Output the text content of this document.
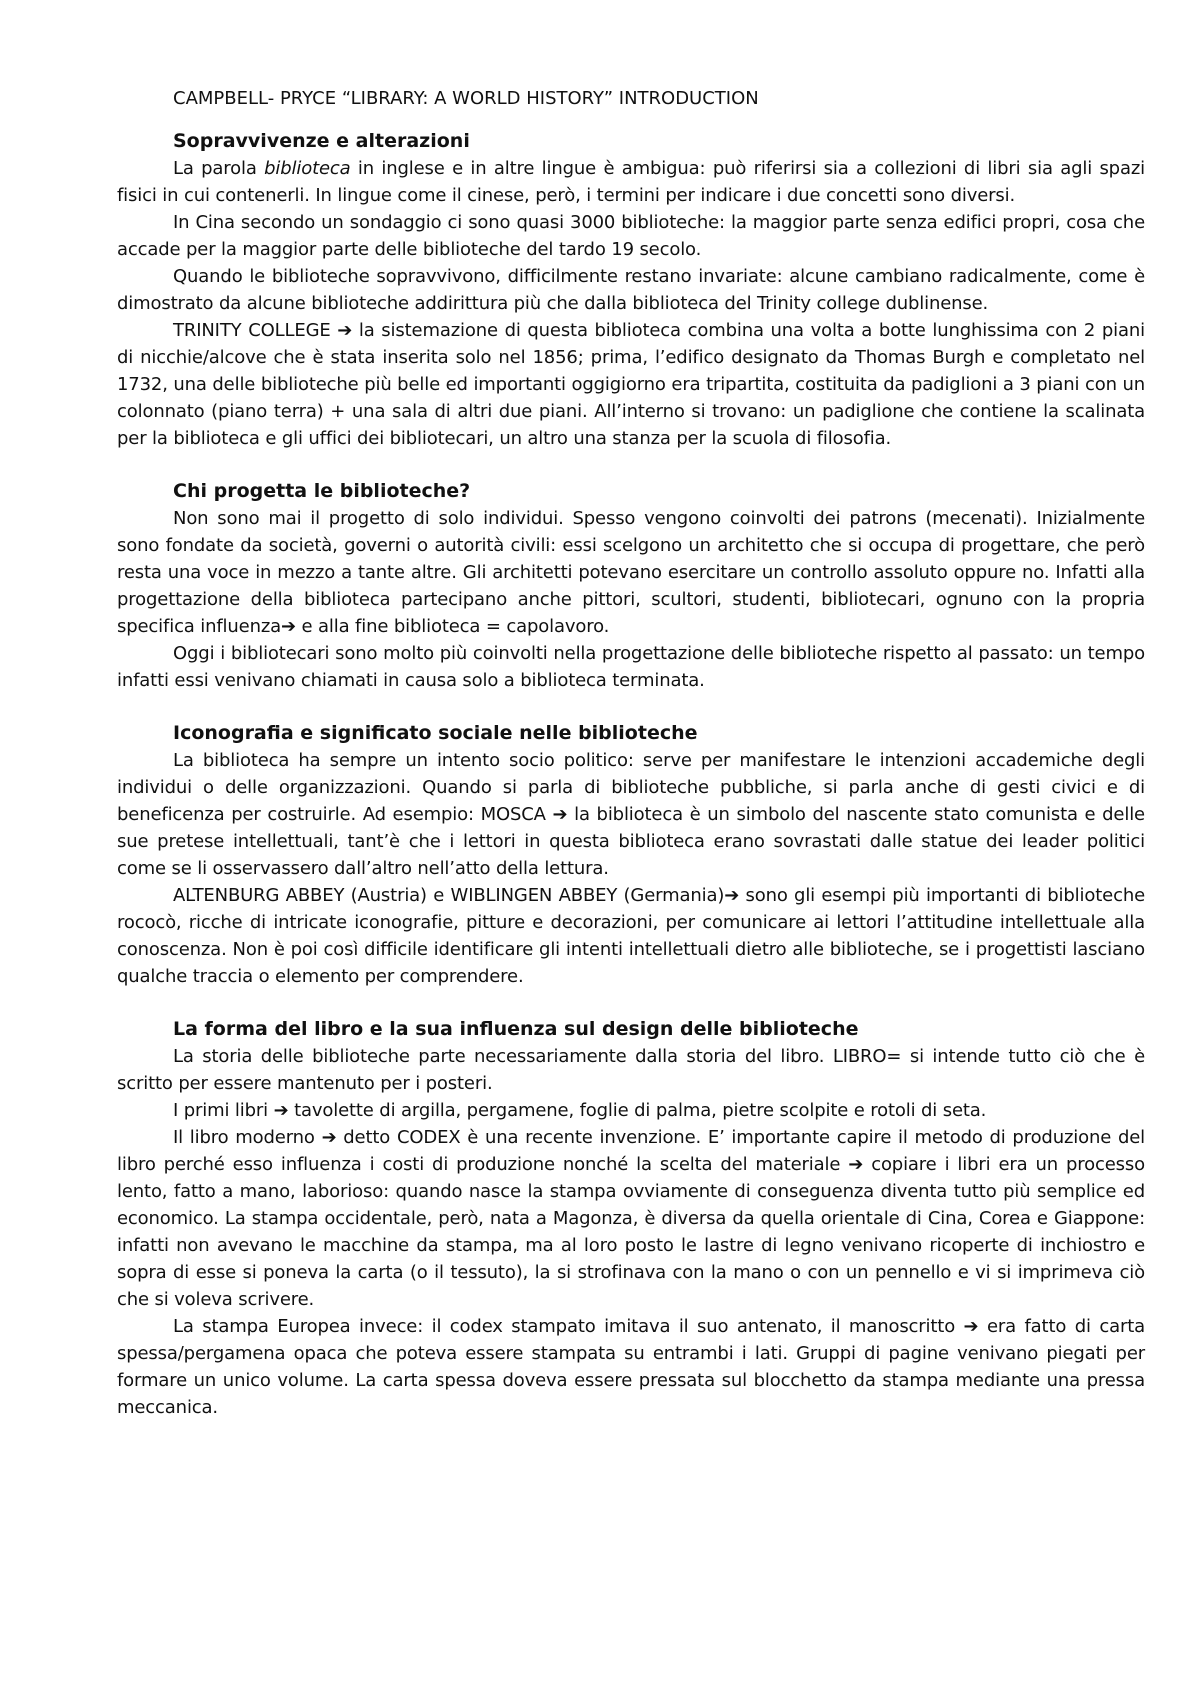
CAMPBELL- PRYCE “LIBRARY: A WORLD HISTORY” INTRODUCTION
Sopravvivenze e alterazioni

La parola biblioteca in inglese e in altre lingue è ambigua: può riferirsi sia a collezioni di libri sia agli spazi fisici in cui contenerli. In lingue come il cinese, però, i termini per indicare i due concetti sono diversi.

In Cina secondo un sondaggio ci sono quasi 3000 biblioteche: la maggior parte senza edifici propri, cosa che accade per la maggior parte delle biblioteche del tardo 19 secolo.

Quando le biblioteche sopravvivono, difficilmente restano invariate: alcune cambiano radicalmente, come è dimostrato da alcune biblioteche addirittura più che dalla biblioteca del Trinity college dublinense.

TRINITY COLLEGE ➔ la sistemazione di questa biblioteca combina una volta a botte lunghissima con 2 piani di nicchie/alcove che è stata inserita solo nel 1856; prima, l’edifico designato da Thomas Burgh e completato nel 1732, una delle biblioteche più belle ed importanti oggigiorno era tripartita, costituita da padiglioni a 3 piani con un colonnato (piano terra) + una sala di altri due piani. All’interno si trovano: un padiglione che contiene la scalinata per la biblioteca e gli uffici dei bibliotecari, un altro una stanza per la scuola di filosofia.

Chi progetta le biblioteche?

Non sono mai il progetto di solo individui. Spesso vengono coinvolti dei patrons (mecenati). Inizialmente sono fondate da società, governi o autorità civili: essi scelgono un architetto che si occupa di progettare, che però resta una voce in mezzo a tante altre. Gli architetti potevano esercitare un controllo assoluto oppure no. Infatti alla progettazione della biblioteca partecipano anche pittori, scultori, studenti, bibliotecari, ognuno con la propria specifica influenza➔ e alla fine biblioteca = capolavoro.

Oggi i bibliotecari sono molto più coinvolti nella progettazione delle biblioteche rispetto al passato: un tempo infatti essi venivano chiamati in causa solo a biblioteca terminata.

Iconografia e significato sociale nelle biblioteche

La biblioteca ha sempre un intento socio politico: serve per manifestare le intenzioni accademiche degli individui o delle organizzazioni. Quando si parla di biblioteche pubbliche, si parla anche di gesti civici e di beneficenza per costruirle. Ad esempio: MOSCA ➔ la biblioteca è un simbolo del nascente stato comunista e delle sue pretese intellettuali, tant’è che i lettori in questa biblioteca erano sovrastati dalle statue dei leader politici come se li osservassero dall’altro nell’atto della lettura.

ALTENBURG ABBEY (Austria) e WIBLINGEN ABBEY (Germania)➔ sono gli esempi più importanti di biblioteche rococò, ricche di intricate iconografie, pitture e decorazioni, per comunicare ai lettori l’attitudine intellettuale alla conoscenza. Non è poi così difficile identificare gli intenti intellettuali dietro alle biblioteche, se i progettisti lasciano qualche traccia o elemento per comprendere.

La forma del libro e la sua influenza sul design delle biblioteche

La storia delle biblioteche parte necessariamente dalla storia del libro. LIBRO= si intende tutto ciò che è scritto per essere mantenuto per i posteri.

I primi libri ➔ tavolette di argilla, pergamene, foglie di palma, pietre scolpite e rotoli di seta.

Il libro moderno ➔ detto CODEX è una recente invenzione. E’ importante capire il metodo di produzione del libro perché esso influenza i costi di produzione nonché la scelta del materiale ➔ copiare i libri era un processo lento, fatto a mano, laborioso: quando nasce la stampa ovviamente di conseguenza diventa tutto più semplice ed economico. La stampa occidentale, però, nata a Magonza, è diversa da quella orientale di Cina, Corea e Giappone: infatti non avevano le macchine da stampa, ma al loro posto le lastre di legno venivano ricoperte di inchiostro e sopra di esse si poneva la carta (o il tessuto), la si strofinava con la mano o con un pennello e vi si imprimeva ciò che si voleva scrivere.

La stampa Europea invece: il codex stampato imitava il suo antenato, il manoscritto ➔ era fatto di carta spessa/pergamena opaca che poteva essere stampata su entrambi i lati. Gruppi di pagine venivano piegati per formare un unico volume. La carta spessa doveva essere pressata sul blocchetto da stampa mediante una pressa meccanica.
